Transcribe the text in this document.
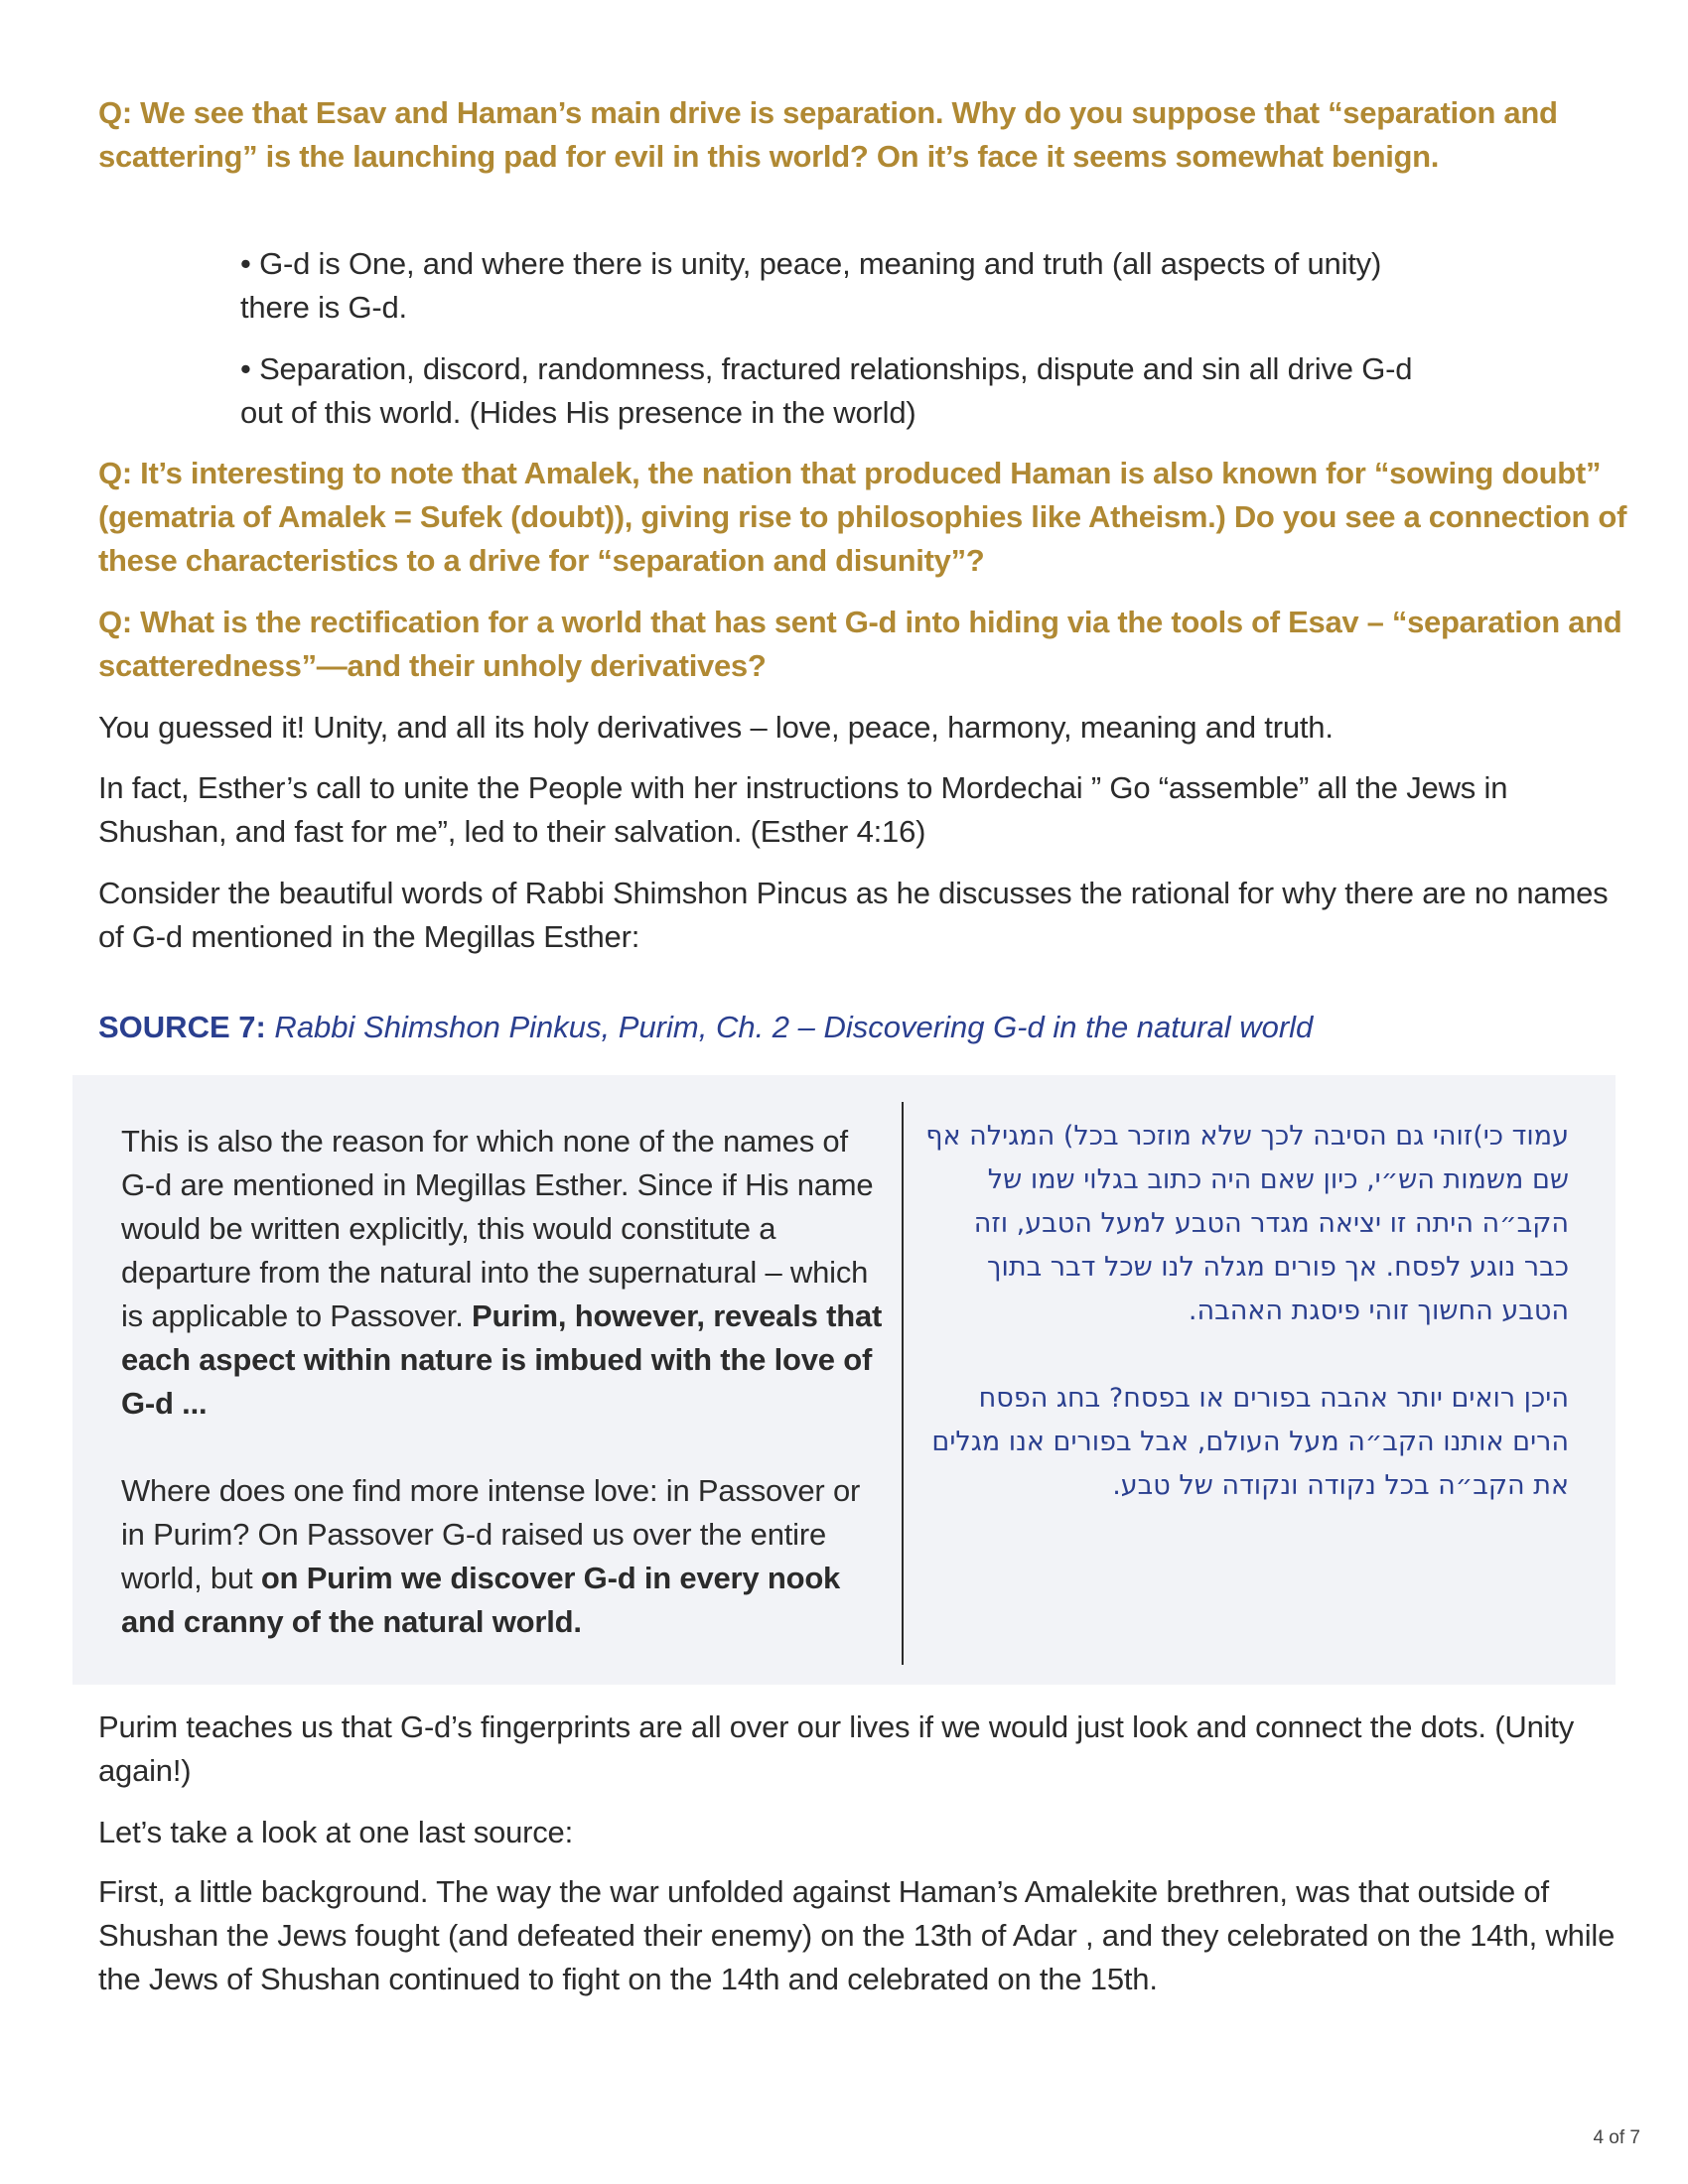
Q: We see that Esav and Haman’s main drive is separation. Why do you suppose that “separation and scattering” is the launching pad for evil in this world? On it’s face it seems somewhat benign.

• G-d is One, and where there is unity, peace, meaning and truth (all aspects of unity) there is G-d.

• Separation, discord, randomness, fractured relationships, dispute and sin all drive G-d out of this world. (Hides His presence in the world)

Q: It’s interesting to note that Amalek, the nation that produced Haman is also known for “sowing doubt” (gematria of Amalek = Sufek (doubt)), giving rise to philosophies like Atheism.) Do you see a connection of these characteristics to a drive for “separation and disunity”?

Q: What is the rectification for a world that has sent G-d into hiding via the tools of Esav – “separation and scatteredness”—and their unholy derivatives?

You guessed it! Unity, and all its holy derivatives – love, peace, harmony, meaning and truth.

In fact, Esther’s call to unite the People with her instructions to Mordechai ” Go “assemble” all the Jews in Shushan, and fast for me”, led to their salvation. (Esther 4:16)

Consider the beautiful words of Rabbi Shimshon Pincus as he discusses the rational for why there are no names of G-d mentioned in the Megillas Esther:

SOURCE 7: Rabbi Shimshon Pinkus, Purim, Ch. 2 – Discovering G-d in the natural world

This is also the reason for which none of the names of G-d are mentioned in Megillas Esther. Since if His name would be written explicitly, this would constitute a departure from the natural into the supernatural – which is applicable to Passover. Purim, however, reveals that each aspect within nature is imbued with the love of G-d ...

Where does one find more intense love: in Passover or in Purim? On Passover G-d raised us over the entire world, but on Purim we discover G-d in every nook and cranny of the natural world.

עמוד כי)זוהי גם הסיבה לכך שלא מוזכר בכל) המגילה אף שם משמות הש״י, כיון שאם היה כתוב בגלוי שמו של הקב״ה היתה זו יציאה מגדר הטבע למעל הטבע, וזה כבר נוגע לפסח. אך פורים מגלה לנו שכל דבר בתוך הטבע החשוך זוהי פיסגת האהבה.

היכן רואים יותר אהבה בפורים או בפסח? בחג הפסח הרים אותנו הקב״ה מעל העולם, אבל בפורים אנו מגלים את הקב״ה בכל נקודה ונקודה של טבע.

Purim teaches us that G-d’s fingerprints are all over our lives if we would just look and connect the dots. (Unity again!)

Let’s take a look at one last source:

First, a little background. The way the war unfolded against Haman’s Amalekite brethren, was that outside of Shushan the Jews fought (and defeated their enemy) on the 13th of Adar , and they celebrated on the 14th, while the Jews of Shushan continued to fight on the 14th and celebrated on the 15th.

4 of 7
